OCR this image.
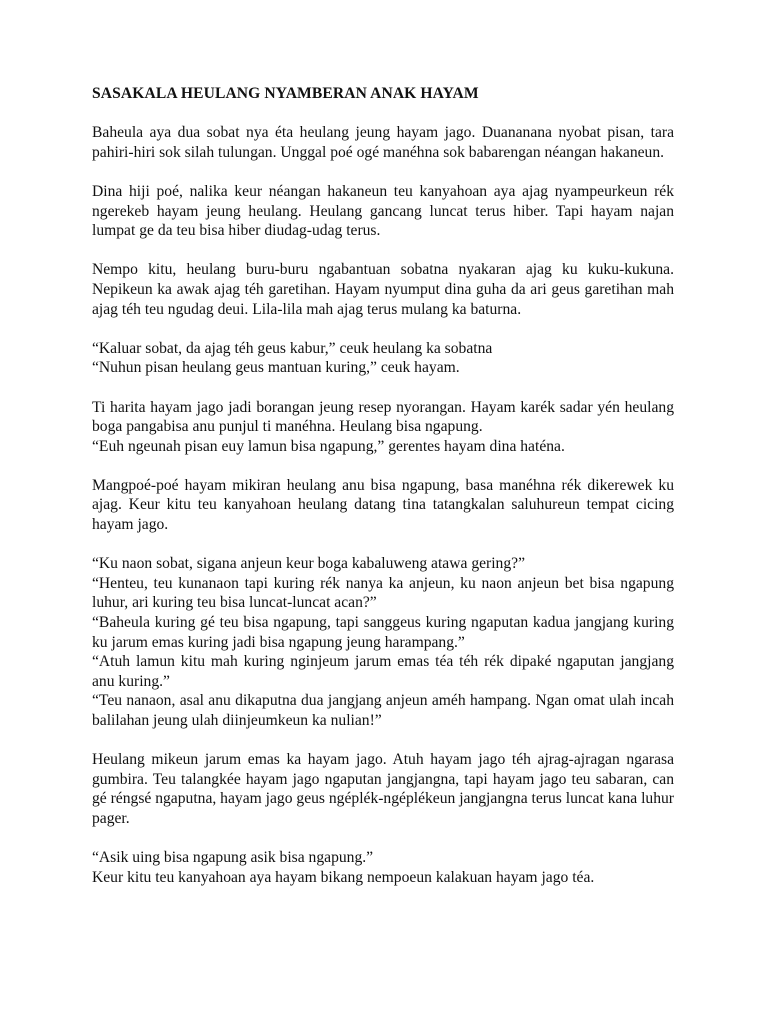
SASAKALA HEULANG NYAMBERAN ANAK HAYAM
Baheula aya dua sobat nya éta heulang jeung hayam jago. Duananana nyobat pisan, tara pahiri-hiri sok silah tulungan. Unggal poé ogé manéhna sok babarengan néangan hakaneun.
Dina hiji poé, nalika keur néangan hakaneun teu kanyahoan aya ajag nyampeurkeun rék ngerekeb hayam jeung heulang. Heulang gancang luncat terus hiber. Tapi hayam najan lumpat ge da teu bisa hiber diudag-udag terus.
Nempo kitu, heulang buru-buru ngabantuan sobatna nyakaran ajag ku kuku-kukuna. Nepikeun ka awak ajag téh garetihan. Hayam nyumput dina guha da ari geus garetihan mah ajag téh teu ngudag deui. Lila-lila mah ajag terus mulang ka baturna.
“Kaluar sobat, da ajag téh geus kabur,” ceuk heulang ka sobatna
“Nuhun pisan heulang geus mantuan kuring,” ceuk hayam.
Ti harita hayam jago jadi borangan jeung resep nyorangan. Hayam karék sadar yén heulang boga pangabisa anu punjul ti manéhna. Heulang bisa ngapung.
“Euh ngeunah pisan euy lamun bisa ngapung,” gerentes hayam dina haténa.
Mangpoé-poé hayam mikiran heulang anu bisa ngapung, basa manéhna rék dikerewek ku ajag. Keur kitu teu kanyahoan heulang datang tina tatangkalan saluhureun tempat cicing hayam jago.
“Ku naon sobat, sigana anjeun keur boga kabaluweng atawa gering?”
“Henteu, teu kunanaon tapi kuring rék nanya ka anjeun, ku naon anjeun bet bisa ngapung luhur, ari kuring teu bisa luncat-luncat acan?”
“Baheula kuring gé teu bisa ngapung, tapi sanggeus kuring ngaputan kadua jangjang kuring ku jarum emas kuring jadi bisa ngapung jeung harampang.”
“Atuh lamun kitu mah kuring nginjeum jarum emas téa téh rék dipaké ngaputan jangjang anu kuring.”
“Teu nanaon, asal anu dikaputna dua jangjang anjeun améh hampang. Ngan omat ulah incah balilahan jeung ulah diinjeumkeun ka nulian!”
Heulang mikeun jarum emas ka hayam jago. Atuh hayam jago téh ajrag-ajragan ngarasa gumbira. Teu talangkée hayam jago ngaputan jangjangna, tapi hayam jago teu sabaran, can gé réngsé ngaputna, hayam jago geus ngéplék-ngéplékeun jangjangna terus luncat kana luhur pager.
“Asik uing bisa ngapung asik bisa ngapung.”
Keur kitu teu kanyahoan aya hayam bikang nempoeun kalakuan hayam jago téa.
